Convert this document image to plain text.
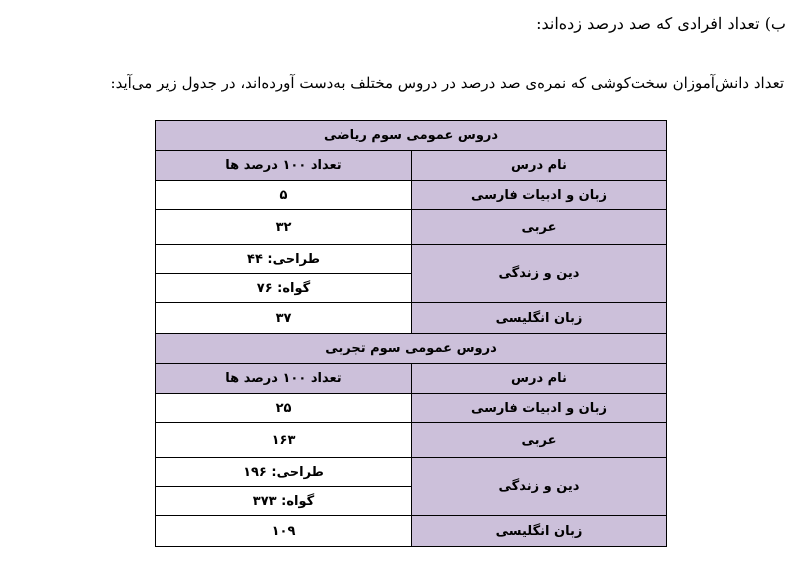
ب) تعداد افرادی که صد درصد زده‌اند:
تعداد دانش‌آموزان سخت‌کوشی که نمره‌ی صد درصد در دروس مختلف به‌دست آورده‌اند، در جدول زیر می‌آید:
دروس عمومی سوم ریاضی	
نام درس	تعداد ۱۰۰ درصد ها
زبان و ادبیات فارسی	۵
عربی	۳۲
دین و زندگی	طراحی: ۴۴
	گواه: ۷۶
زبان انگلیسی	۳۷
دروس عمومی سوم تجربی	
نام درس	تعداد ۱۰۰ درصد ها
زبان و ادبیات فارسی	۲۵
عربی	۱۶۳
دین و زندگی	طراحی: ۱۹۶
	گواه: ۳۷۳
زبان انگلیسی	۱۰۹
